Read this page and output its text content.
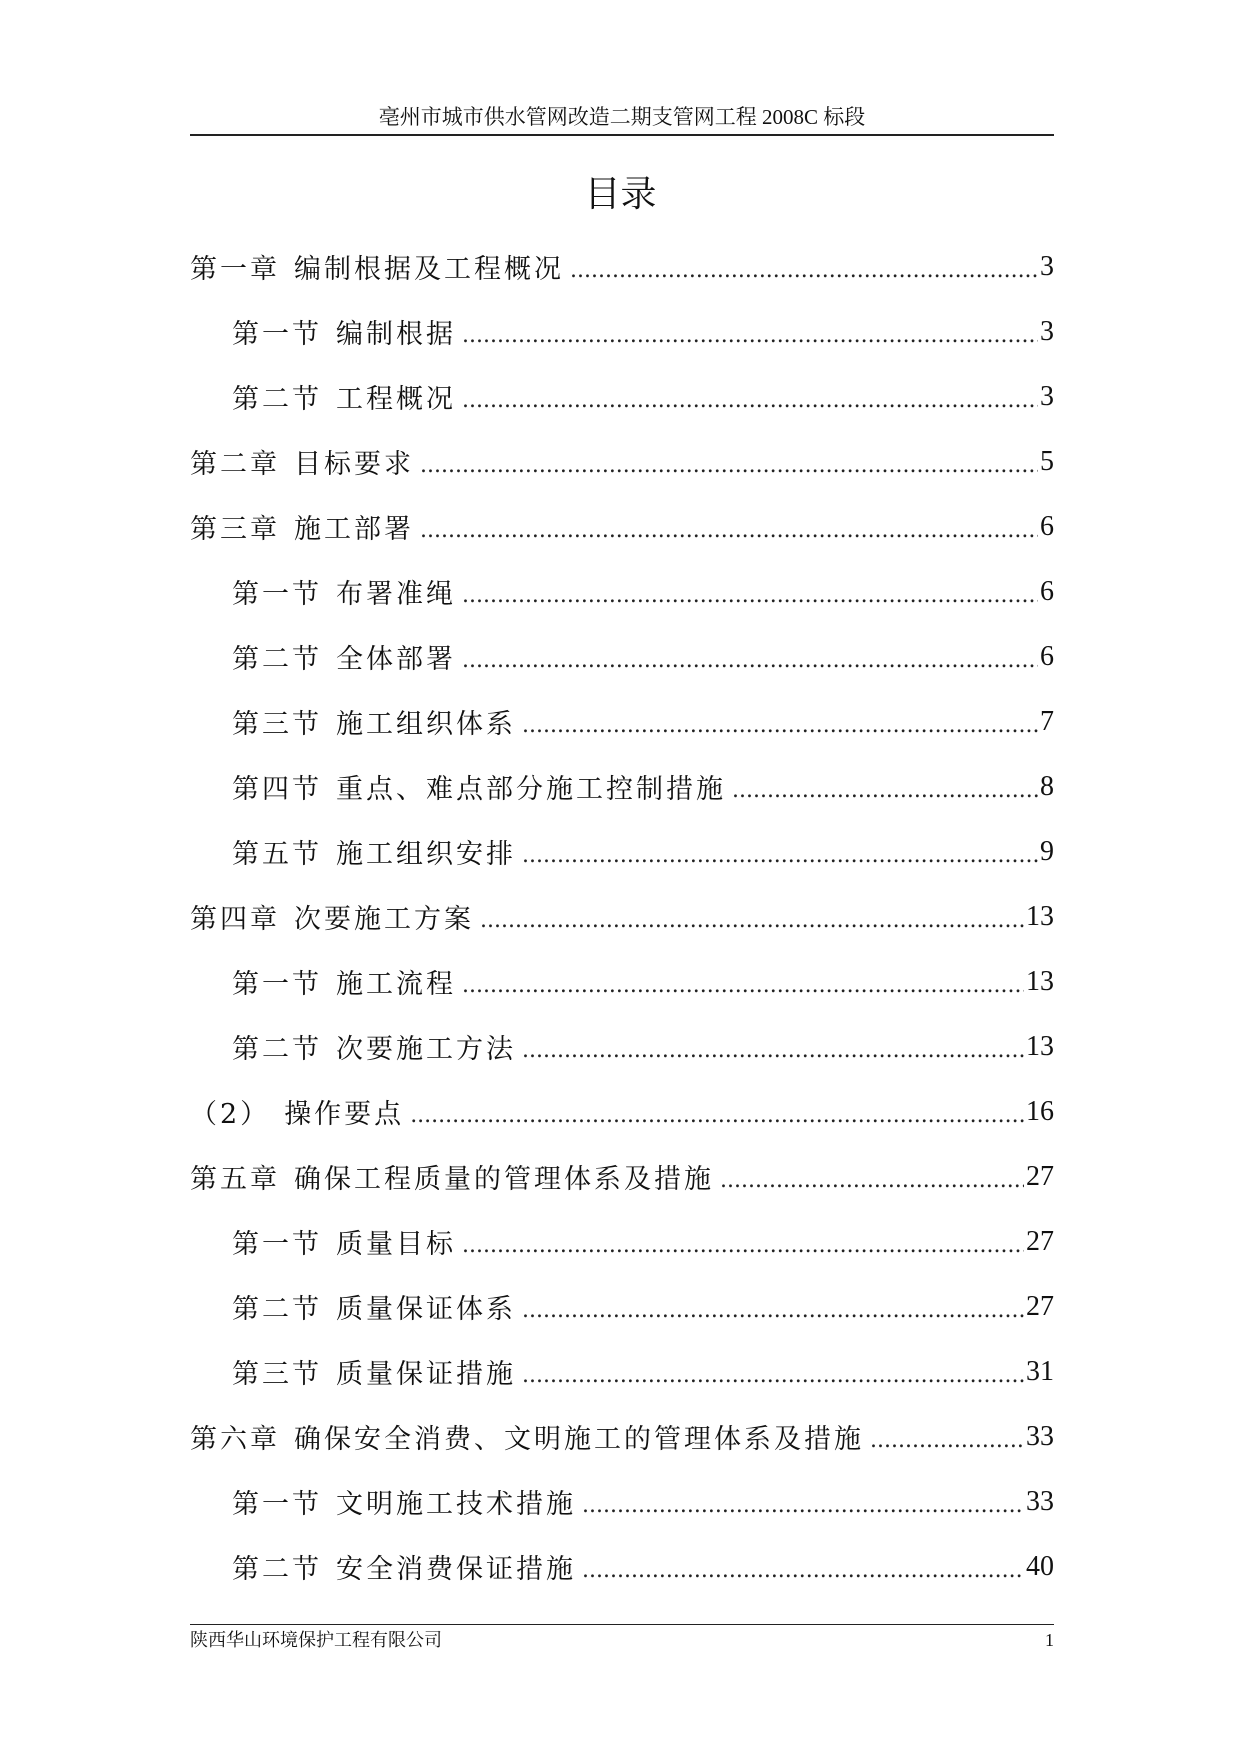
亳州市城市供水管网改造二期支管网工程 2008C 标段
目录
第一章 编制根据及工程概况 .....	3
第一节 编制根据 .....	3
第二节 工程概况 .....	3
第二章 目标要求 .....	5
第三章 施工部署 .....	6
第一节 布署准绳 .....	6
第二节 全体部署 .....	6
第三节 施工组织体系 .....	7
第四节 重点、难点部分施工控制措施 .....	8
第五节 施工组织安排 .....	9
第四章 次要施工方案 .....	13
第一节 施工流程 .....	13
第二节 次要施工方法 .....	13
（2） 操作要点 .....	16
第五章 确保工程质量的管理体系及措施 .....	27
第一节 质量目标 .....	27
第二节 质量保证体系 .....	27
第三节 质量保证措施 .....	31
第六章 确保安全消费、文明施工的管理体系及措施 .....	33
第一节 文明施工技术措施 .....	33
第二节 安全消费保证措施 .....	40
陕西华山环境保护工程有限公司	1
